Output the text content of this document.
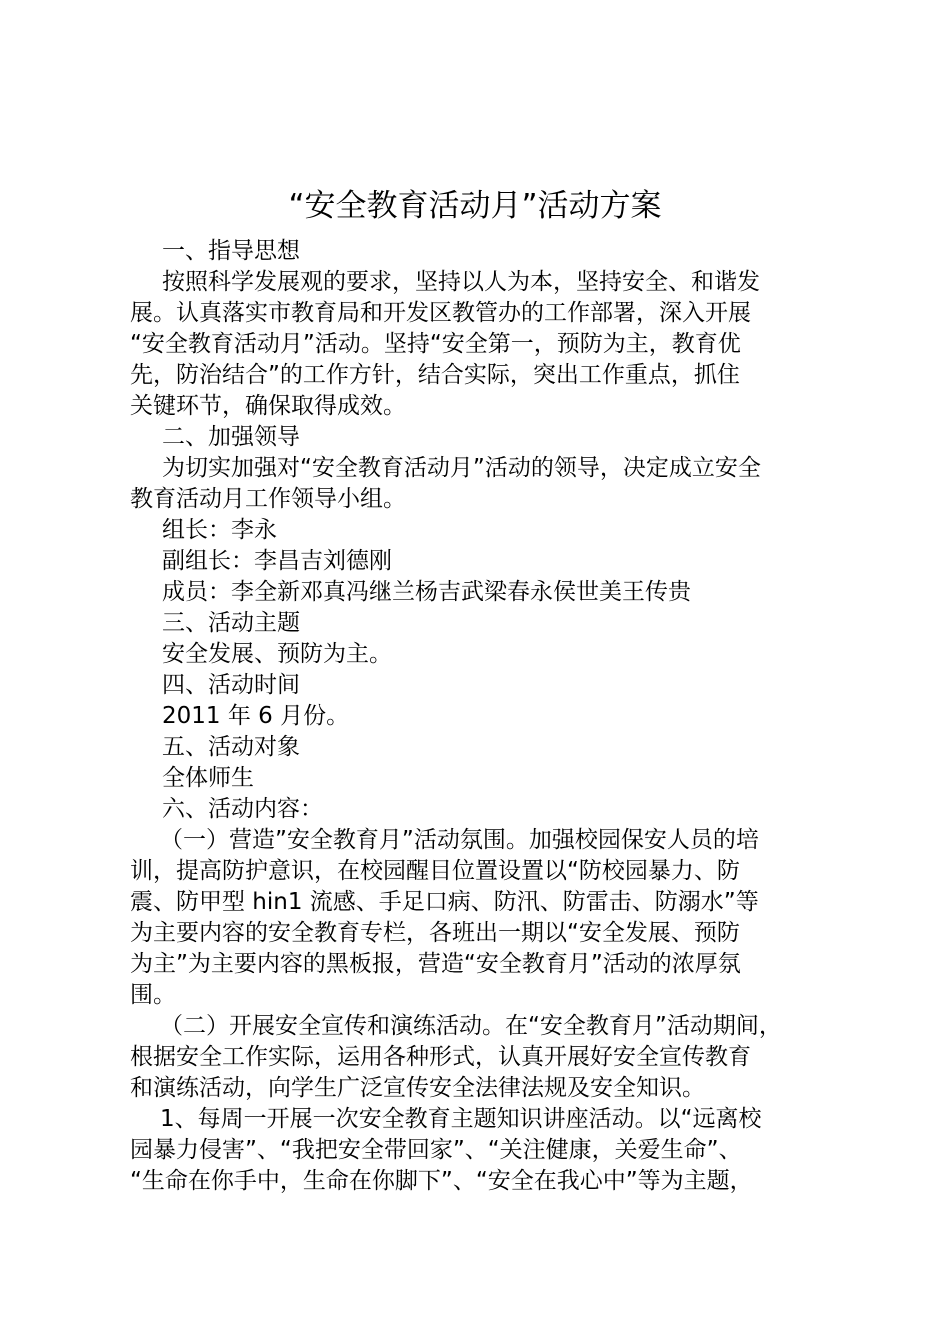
“安全教育活动月”活动方案
一、指导思想
按照科学发展观的要求，坚持以人为本，坚持安全、和谐发
展。认真落实市教育局和开发区教管办的工作部署，深入开展
“安全教育活动月”活动。坚持“安全第一，预防为主，教育优
先，防治结合”的工作方针，结合实际，突出工作重点，抓住
关键环节，确保取得成效。
二、加强领导
为切实加强对“安全教育活动月”活动的领导，决定成立安全
教育活动月工作领导小组。
组长：李永
副组长：李昌吉刘德刚
成员：李全新邓真冯继兰杨吉武梁春永侯世美王传贵
三、活动主题
安全发展、预防为主。
四、活动时间
2011 年 6 月份。
五、活动对象
全体师生
六、活动内容：
（一）营造”安全教育月”活动氛围。加强校园保安人员的培
训，提高防护意识，在校园醒目位置设置以“防校园暴力、防
震、防甲型 hin1 流感、手足口病、防汛、防雷击、防溺水”等
为主要内容的安全教育专栏，各班出一期以“安全发展、预防
为主”为主要内容的黑板报，营造“安全教育月”活动的浓厚氛
围。
（二）开展安全宣传和演练活动。在“安全教育月”活动期间，
根据安全工作实际，运用各种形式，认真开展好安全宣传教育
和演练活动，向学生广泛宣传安全法律法规及安全知识。
1、每周一开展一次安全教育主题知识讲座活动。以“远离校
园暴力侵害”、“我把安全带回家”、“关注健康，关爱生命”、
“生命在你手中，生命在你脚下”、“安全在我心中”等为主题，
